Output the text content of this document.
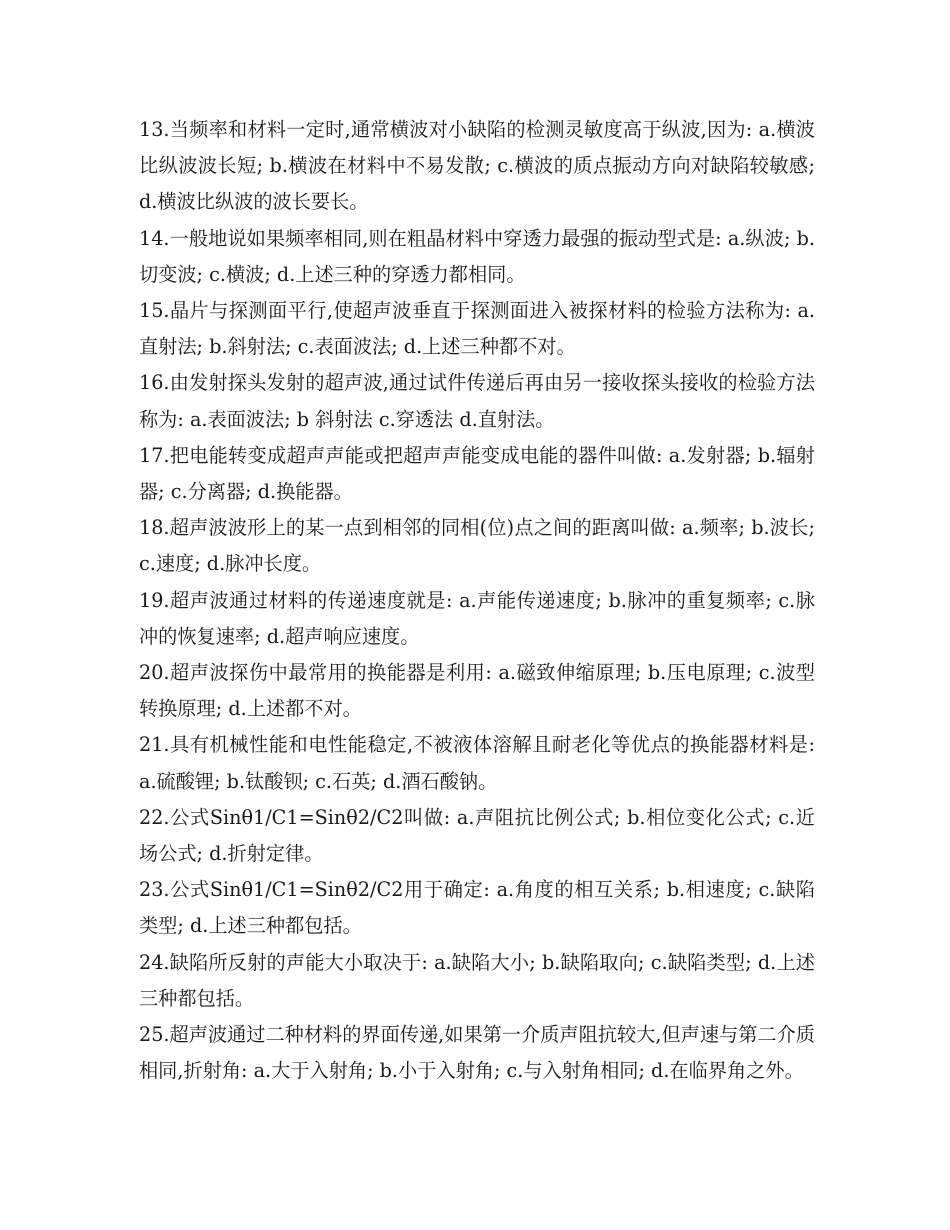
13.当频率和材料一定时,通常横波对小缺陷的检测灵敏度高于纵波,因为: a.横波比纵波波长短; b.横波在材料中不易发散; c.横波的质点振动方向对缺陷较敏感; d.横波比纵波的波长要长。

14.一般地说如果频率相同,则在粗晶材料中穿透力最强的振动型式是: a.纵波; b.切变波; c.横波; d.上述三种的穿透力都相同。

15.晶片与探测面平行,使超声波垂直于探测面进入被探材料的检验方法称为: a.直射法; b.斜射法; c.表面波法; d.上述三种都不对。

16.由发射探头发射的超声波,通过试件传递后再由另一接收探头接收的检验方法称为: a.表面波法; b 斜射法 c.穿透法 d.直射法。

17.把电能转变成超声声能或把超声声能变成电能的器件叫做: a.发射器; b.辐射器; c.分离器; d.换能器。

18.超声波波形上的某一点到相邻的同相(位)点之间的距离叫做: a.频率; b.波长; c.速度; d.脉冲长度。

19.超声波通过材料的传递速度就是: a.声能传递速度; b.脉冲的重复频率; c.脉冲的恢复速率; d.超声响应速度。

20.超声波探伤中最常用的换能器是利用: a.磁致伸缩原理; b.压电原理; c.波型转换原理; d.上述都不对。

21.具有机械性能和电性能稳定,不被液体溶解且耐老化等优点的换能器材料是: a.硫酸锂; b.钛酸钡; c.石英; d.酒石酸钠。

22.公式Sinθ1/C1=Sinθ2/C2叫做: a.声阻抗比例公式; b.相位变化公式; c.近场公式; d.折射定律。

23.公式Sinθ1/C1=Sinθ2/C2用于确定: a.角度的相互关系; b.相速度; c.缺陷类型; d.上述三种都包括。

24.缺陷所反射的声能大小取决于: a.缺陷大小; b.缺陷取向; c.缺陷类型; d.上述三种都包括。

25.超声波通过二种材料的界面传递,如果第一介质声阻抗较大,但声速与第二介质相同,折射角: a.大于入射角; b.小于入射角; c.与入射角相同; d.在临界角之外。
